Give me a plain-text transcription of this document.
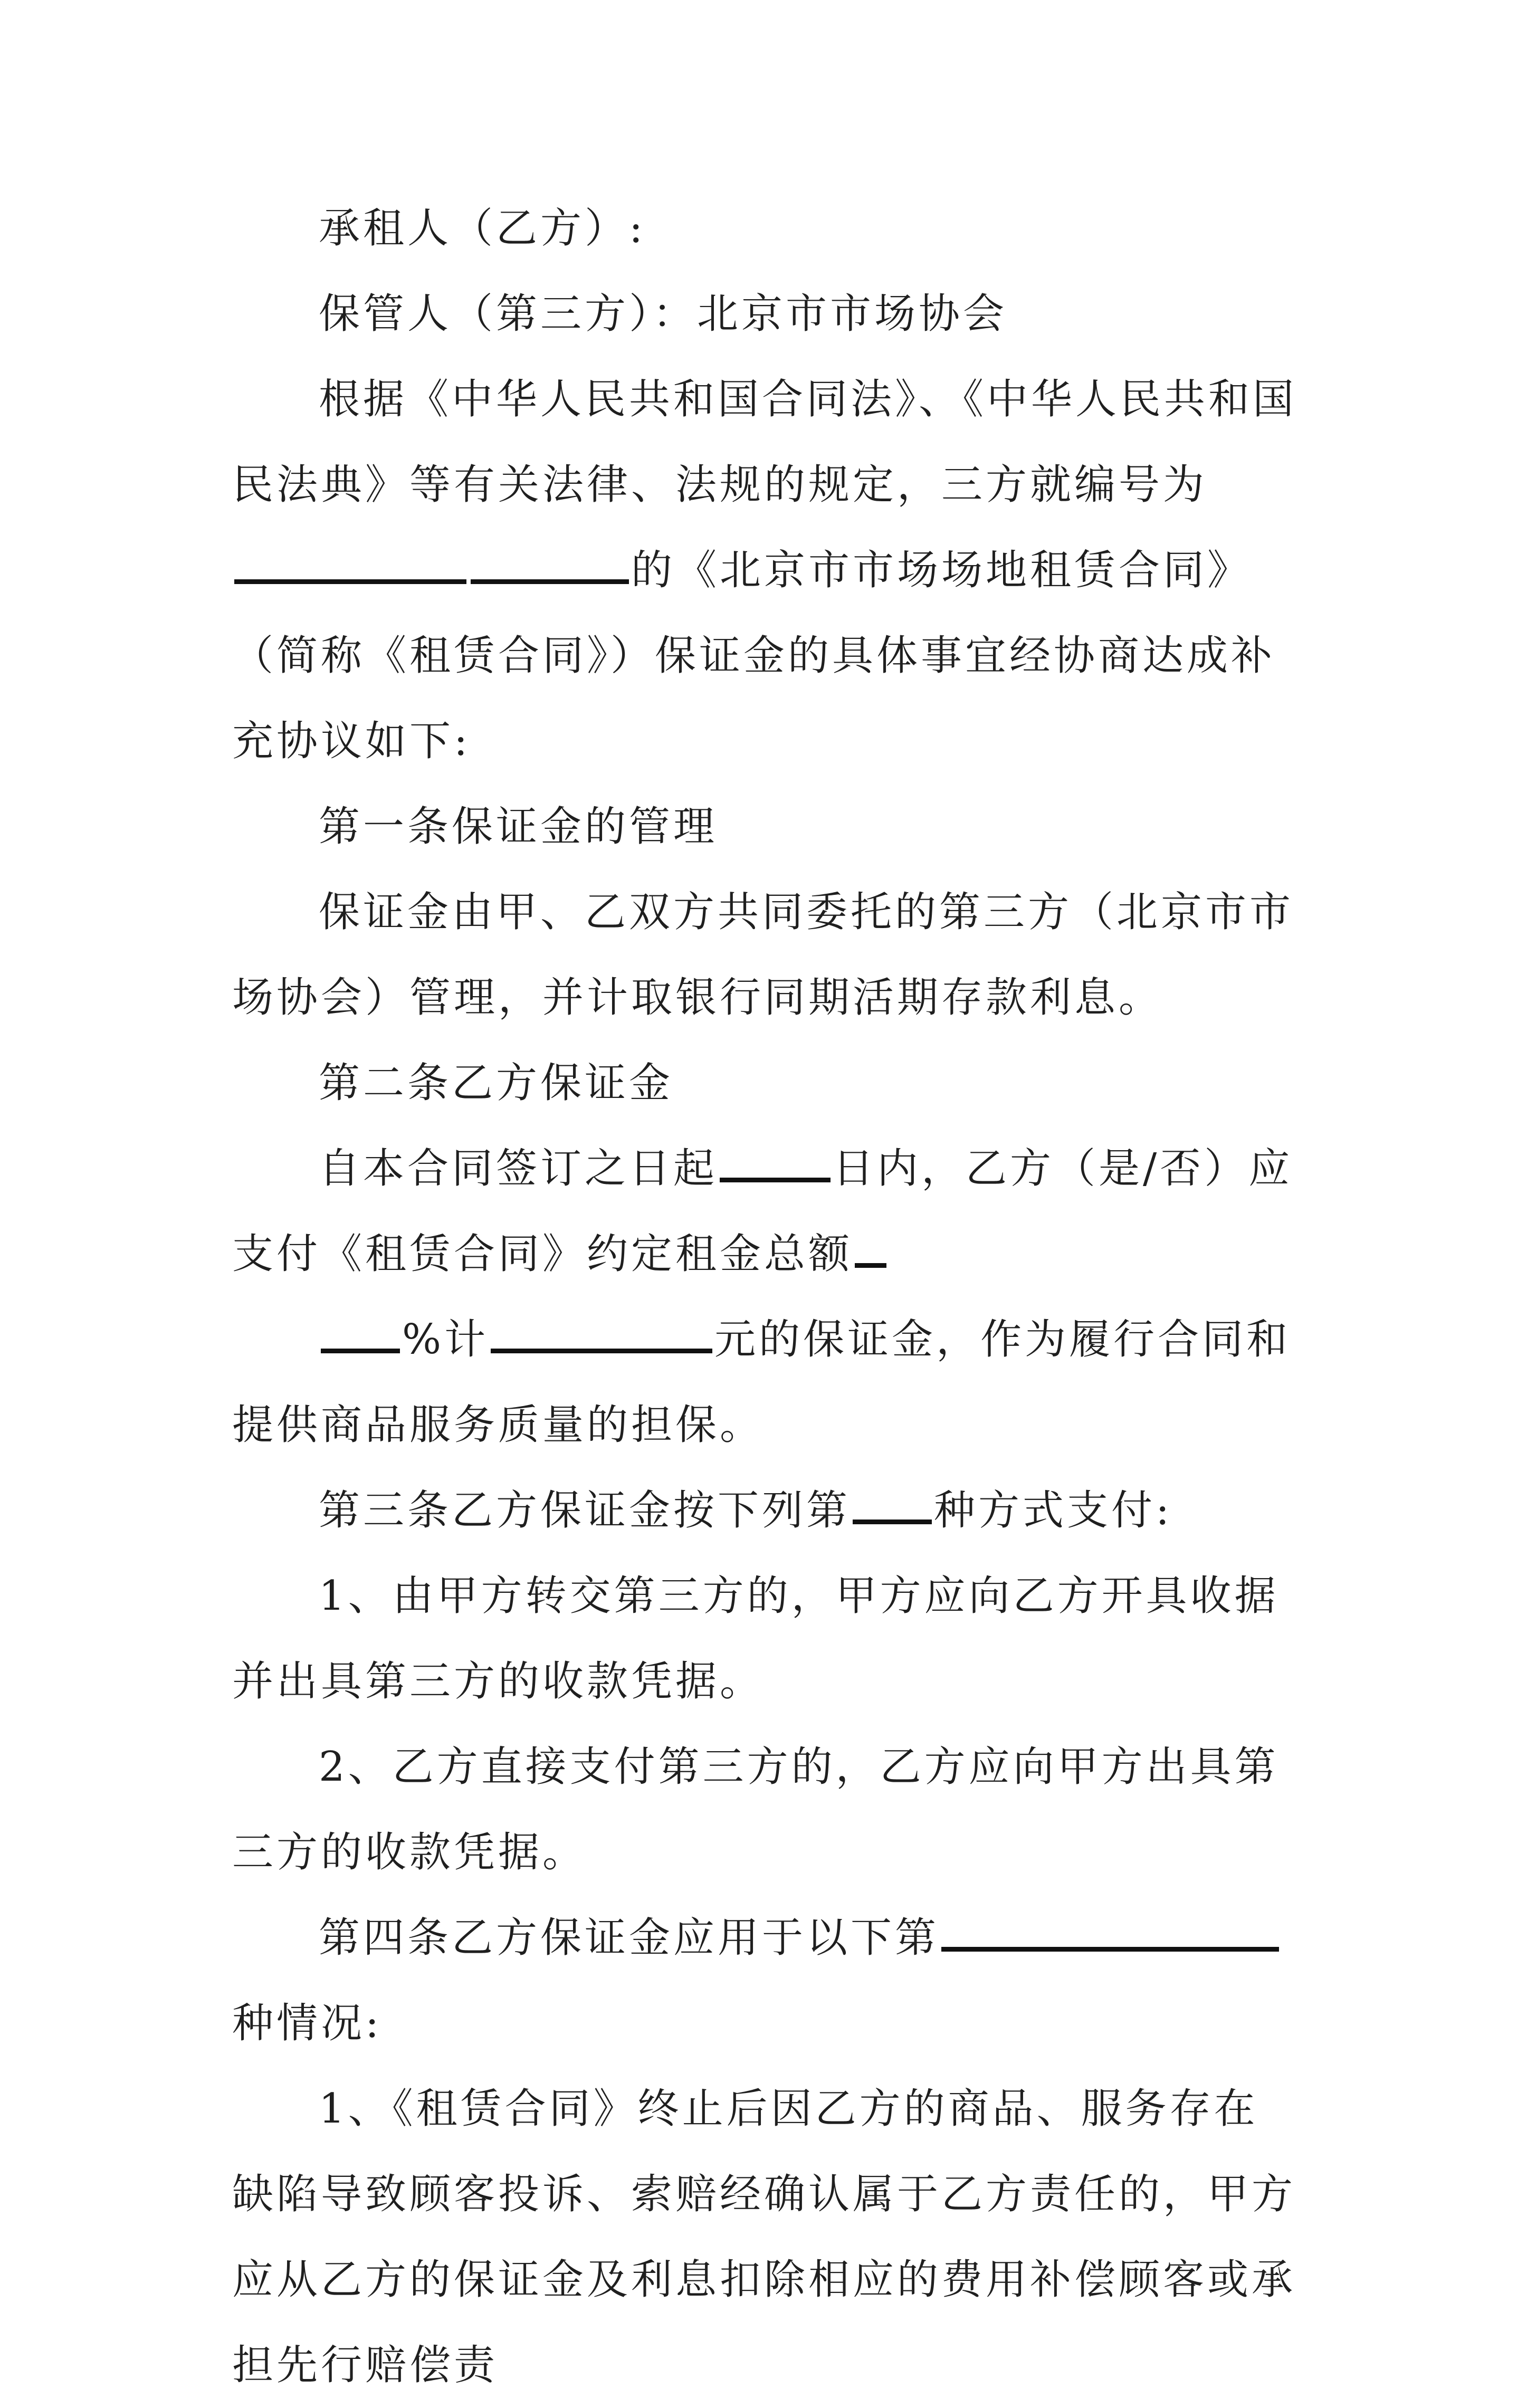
承租人（乙方）:

保管人（第三方）：北京市市场协会

根据《中华人民共和国合同法》、《中华人民共和国民法典》等有关法律、法规的规定，三方就编号为的《北京市市场场地租赁合同》（简称《租赁合同》）保证金的具体事宜经协商达成补充协议如下:

第一条保证金的管理

保证金由甲、乙双方共同委托的第三方（北京市市场协会）管理，并计取银行同期活期存款利息。

第二条乙方保证金

自本合同签订之日起	日内，乙方（是/否）应支付《租赁合同》约定租金总额

%计	元的保证金，作为履行合同和提供商品服务质量的担保。

第三条乙方保证金按下列第 种方式支付:

1、由甲方转交第三方的，甲方应向乙方开具收据并出具第三方的收款凭据。

2、乙方直接支付第三方的，乙方应向甲方出具第三方的收款凭据。

第四条乙方保证金应用于以下第种情况:

1、《租赁合同》终止后因乙方的商品、服务存在缺陷导致顾客投诉、索赔经确认属于乙方责任的，甲方应从乙方的保证金及利息扣除相应的费用补偿顾客或承担先行赔偿责
